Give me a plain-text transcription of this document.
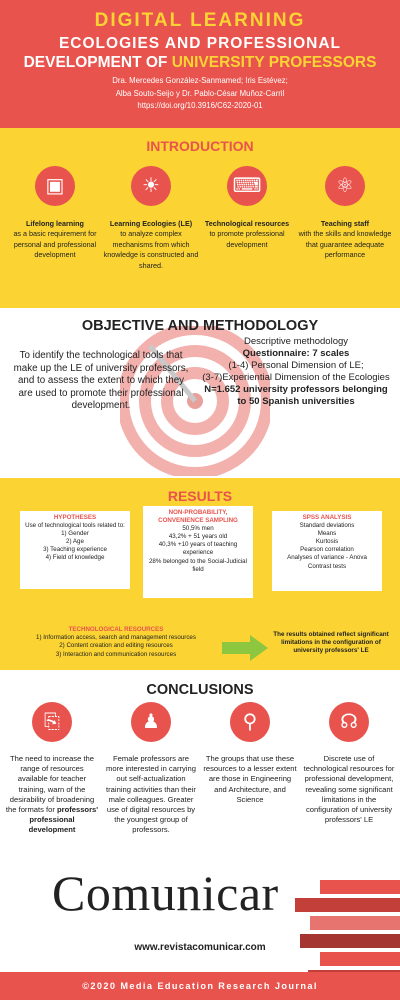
DIGITAL LEARNING
ECOLOGIES AND PROFESSIONAL
DEVELOPMENT OF UNIVERSITY PROFESSORS
Dra. Mercedes González-Sanmamed; Iris Estévez;
Alba Souto-Seijo y Dr. Pablo-César Muñoz-Carril
https://doi.org/10.3916/C62-2020-01
INTRODUCTION
▣
Lifelong learning
as a basic requirement for personal and professional development
☀
Learning Ecologies (LE)
to analyze complex mechanisms from which knowledge is constructed and shared.
⌨
Technological resources
to promote professional development
⚛
Teaching staff
with the skills and knowledge that guarantee adequate performance
OBJECTIVE AND METHODOLOGY
To identify the technological tools that make up the LE of university professors, and to assess the extent to which they are used to promote their professional development.
Descriptive methodology
Questionnaire: 7 scales
(1-4) Personal Dimension of LE;
(3-7)Experiential Dimension of the Ecologies
N=1.652 university professors belonging to 50 Spanish universities
RESULTS
HYPOTHESES
Use of technological tools related to:
1) Gender
2) Age
3) Teaching experience
4) Field of knowledge
NON-PROBABILITY, CONVENIENCE SAMPLING
50,5% men
43,2% + 51 years old
40,3% +10 years of teaching experience
28% belonged to the Social-Judicial field
SPSS ANALYSIS
Standard deviations
Means
Kurtosis
Pearson correlation
Analyses of variance - Anova
Contrast tests
TECHNOLOGICAL RESOURCES
1) Information access, search and management resources
2) Content creation and editing resources
3) Interaction and communication resources
The results obtained reflect significant limitations in the configuration of university professors' LE
CONCLUSIONS
⎘
The need to increase the range of resources available for teacher training, warn of the desirability of broadening the formats for professors' professional development
♟
Female professors are more interested in carrying out self-actualization training activities than their male colleagues. Greater use of digital resources by the youngest group of professors.
⚲
The groups that use these resources to a lesser extent are those in Engineering and Architecture, and Science
☊
Discrete use of technological resources for professional development, revealing some significant limitations in the configuration of university professors' LE
Comunicar
www.revistacomunicar.com
©2020 Media Education Research Journal
